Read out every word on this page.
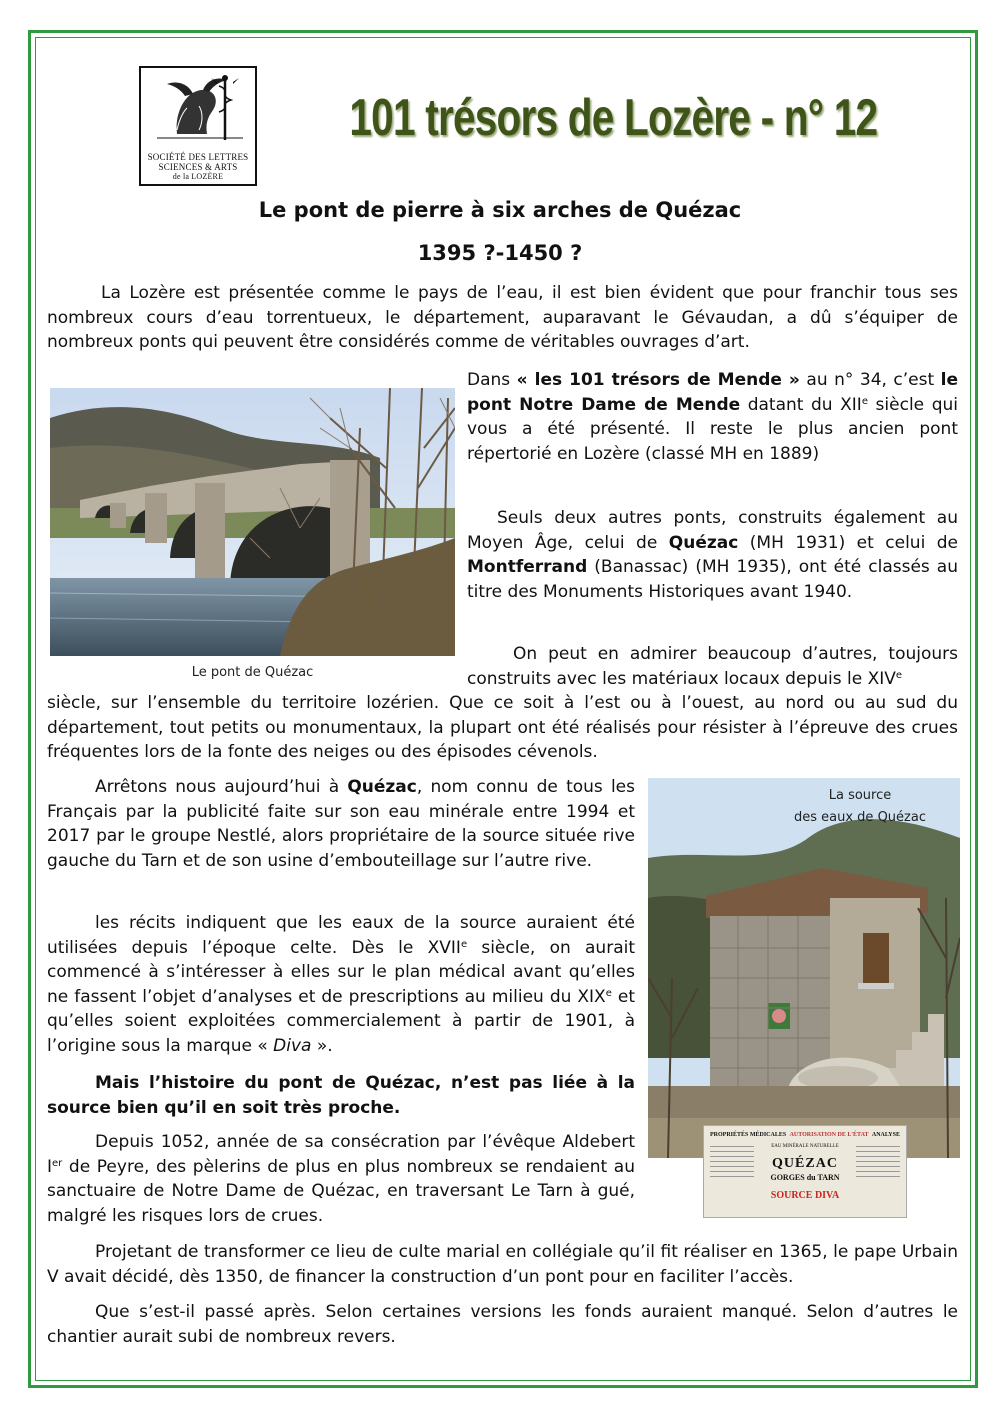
SOCIÉTÉ DES LETTRES
SCIENCES & ARTS
de la LOZÈRE
101 trésors de Lozère - n° 12
Le pont de pierre à six arches de Quézac
1395 ?-1450 ?

La Lozère est présentée comme le pays de l’eau, il est bien évident que pour franchir tous ses nombreux cours d’eau torrentueux, le département, auparavant le Gévaudan, a dû s’équiper de nombreux ponts qui peuvent être considérés comme de véritables ouvrages d’art.

Le pont de Quézac

Dans « les 101 trésors de Mende » au n° 34, c’est le pont Notre Dame de Mende datant du XIIe siècle qui vous a été présenté. Il reste le plus ancien pont répertorié en Lozère (classé MH en 1889)

Seuls deux autres ponts, construits également au Moyen Âge, celui de Quézac (MH 1931) et celui de Montferrand (Banassac) (MH 1935), ont été classés au titre des Monuments Historiques avant 1940.

On peut en admirer beaucoup d’autres, toujours construits avec les matériaux locaux depuis le XIVe

siècle, sur l’ensemble du territoire lozérien. Que ce soit à l’est ou à l’ouest, au nord ou au sud du département, tout petits ou monumentaux, la plupart ont été réalisés pour résister à l’épreuve des crues fréquentes lors de la fonte des neiges ou des épisodes cévenols.

La source
des eaux de Quézac
PROPRIÉTÉS MÉDICALES AUTORISATION DE L'ÉTAT ANALYSE
EAU MINÉRALE NATURELLE
QUÉZAC
GORGES du TARN
SOURCE DIVA

Arrêtons nous aujourd’hui à Quézac, nom connu de tous les Français par la publicité faite sur son eau minérale entre 1994 et 2017 par le groupe Nestlé, alors propriétaire de la source située rive gauche du Tarn et de son usine d’embouteillage sur l’autre rive.

les récits indiquent que les eaux de la source auraient été utilisées depuis l’époque celte. Dès le XVIIe siècle, on aurait commencé à s’intéresser à elles sur le plan médical avant qu’elles ne fassent l’objet d’analyses et de prescriptions au milieu du XIXe et qu’elles soient exploitées commercialement à partir de 1901, à l’origine sous la marque « Diva ».

Mais l’histoire du pont de Quézac, n’est pas liée à la source bien qu’il en soit très proche.

Depuis 1052, année de sa consécration par l’évêque Aldebert Ier de Peyre, des pèlerins de plus en plus nombreux se rendaient au sanctuaire de Notre Dame de Quézac, en traversant Le Tarn à gué, malgré les risques lors de crues.

Projetant de transformer ce lieu de culte marial en collégiale qu’il fit réaliser en 1365, le pape Urbain V avait décidé, dès 1350, de financer la construction d’un pont pour en faciliter l’accès.

Que s’est-il passé après. Selon certaines versions les fonds auraient manqué. Selon d’autres le chantier aurait subi de nombreux revers.
